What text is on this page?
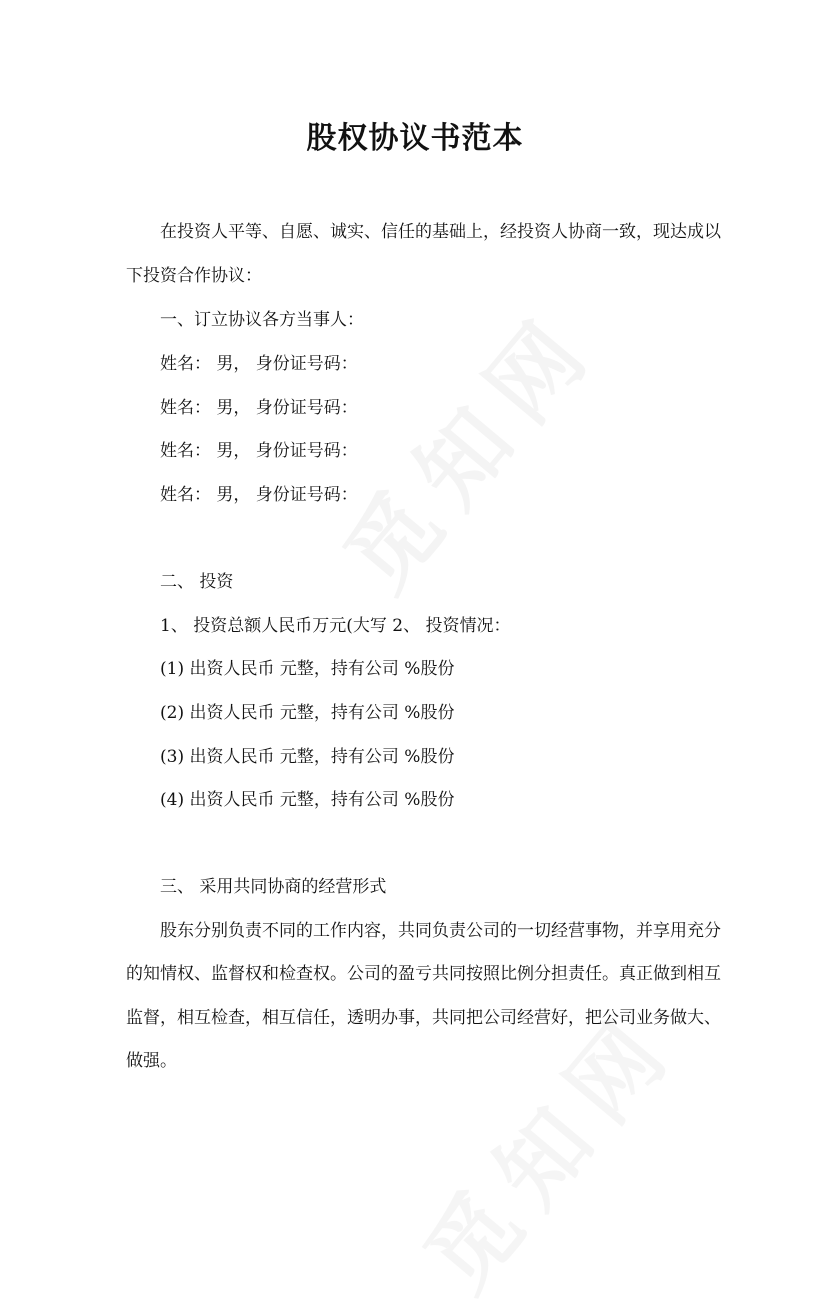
股权协议书范本
在投资人平等、自愿、诚实、信任的基础上，经投资人协商一致，现达成以
下投资合作协议：
一、订立协议各方当事人：
姓名： 男， 身份证号码：
姓名： 男， 身份证号码：
姓名： 男， 身份证号码：
姓名： 男， 身份证号码：
二、 投资
1、 投资总额人民币万元(大写 2、 投资情况：
(1) 出资人民币 元整，持有公司 %股份
(2) 出资人民币 元整，持有公司 %股份
(3) 出资人民币 元整，持有公司 %股份
(4) 出资人民币 元整，持有公司 %股份
三、 采用共同协商的经营形式
股东分别负责不同的工作内容，共同负责公司的一切经营事物，并享用充分
的知情权、监督权和检查权。公司的盈亏共同按照比例分担责任。真正做到相互
监督，相互检查，相互信任，透明办事，共同把公司经营好，把公司业务做大、
做强。
